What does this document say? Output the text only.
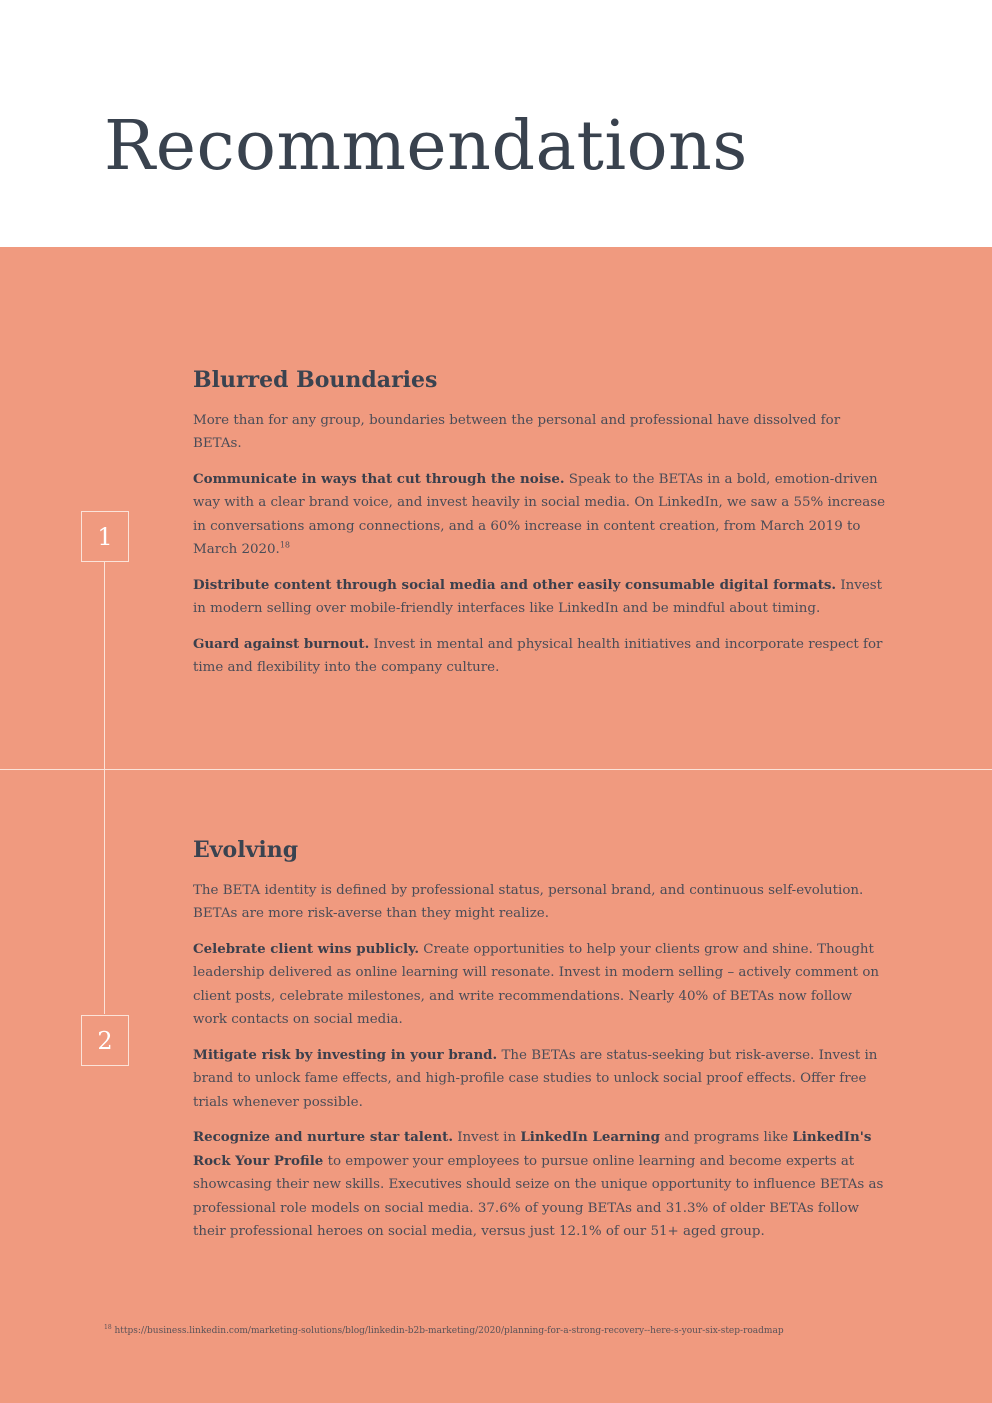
Recommendations
1
2
Blurred Boundaries

More than for any group, boundaries between the personal and professional have dissolved for BETAs.

Communicate in ways that cut through the noise. Speak to the BETAs in a bold, emotion-driven way with a clear brand voice, and invest heavily in social media. On LinkedIn, we saw a 55% increase in conversations among connections, and a 60% increase in content creation, from March 2019 to March 2020.18

Distribute content through social media and other easily consumable digital formats. Invest in modern selling over mobile-friendly interfaces like LinkedIn and be mindful about timing.

Guard against burnout. Invest in mental and physical health initiatives and incorporate respect for time and flexibility into the company culture.

Evolving

The BETA identity is defined by professional status, personal brand, and continuous self-evolution. BETAs are more risk-averse than they might realize.

Celebrate client wins publicly. Create opportunities to help your clients grow and shine. Thought leadership delivered as online learning will resonate. Invest in modern selling – actively comment on client posts, celebrate milestones, and write recommendations. Nearly 40% of BETAs now follow work contacts on social media.

Mitigate risk by investing in your brand. The BETAs are status-seeking but risk-averse. Invest in brand to unlock fame effects, and high-profile case studies to unlock social proof effects. Offer free trials whenever possible.

Recognize and nurture star talent. Invest in LinkedIn Learning and programs like LinkedIn's Rock Your Profile to empower your employees to pursue online learning and become experts at showcasing their new skills. Executives should seize on the unique opportunity to influence BETAs as professional role models on social media. 37.6% of young BETAs and 31.3% of older BETAs follow their professional heroes on social media, versus just 12.1% of our 51+ aged group.

$^{18}$ https://business.linkedin.com/marketing-solutions/blog/linkedin-b2b-marketing/2020/planning-for-a-strong-recovery--here-s-your-six-step-roadmap
